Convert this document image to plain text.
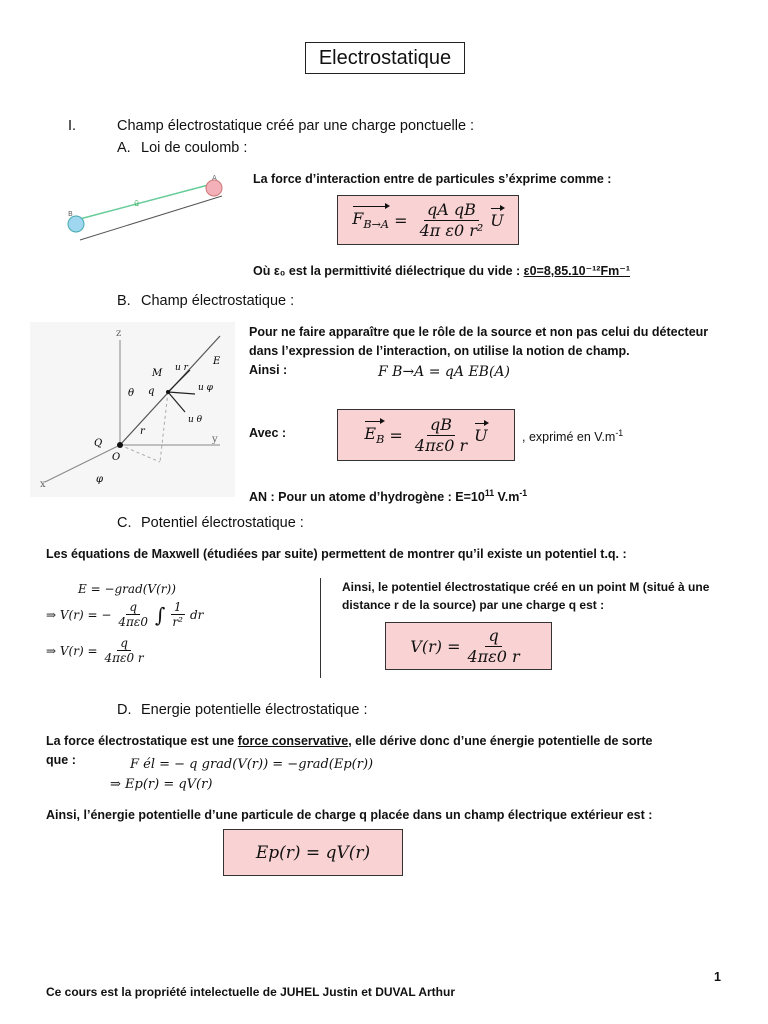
Electrostatique
I.	Champ électrostatique créé par une charge ponctuelle :
A. Loi de coulomb :
B
A
ū
La force d’interaction entre de particules s’éxprime comme :
$F_{B\to A} = \frac{\text{qA qB}}{\text{4π ε0 r²}}$ U
Où ε₀ est la permittivité diélectrique du vide : ε0=8,85.10⁻¹²Fm⁻¹
B. Champ électrostatique :
z
y
x
M
q
θ
r
Q
O
φ
E
u r
u φ
u θ
Pour ne faire apparaître que le rôle de la source et non pas celui du détecteur dans l’expression de l’interaction, on utilise la notion de champ.
Ainsi :	F B→A = qA EB(A)
Avec :	$E_B = \frac{qB}{4\pi\varepsilon 0 r}$ U	, exprimé en $V.m^{-1}$
AN : Pour un atome d’hydrogène : $E=10^{11}$ $V.m^{-1}$
C. Potentiel électrostatique :
Les équations de Maxwell (étudiées par suite) permettent de montrer qu’il existe un potentiel t.q. :
E = −grad(V(r))
⇒ V(r) = − $\frac{q}{4\pi\varepsilon 0}$ ∫ $\frac{1}{\text{r²}}$ dr
⇒ $V(r) = \frac{q}{4\pi\varepsilon 0 r}$
Ainsi, le potentiel électrostatique créé en un point M (situé à une distance r de la source) par une charge q est :
$V(r) = \frac{q}{4\pi\varepsilon 0 r}$
D. Energie potentielle électrostatique :
La force électrostatique est une force conservative, elle dérive donc d’une énergie potentielle de sorte
que :	F él = − q grad(V(r)) = −grad(Ep(r))
⇒ Ep(r) = qV(r)
Ainsi, l’énergie potentielle d’une particule de charge q placée dans un champ électrique extérieur est :
Ep(r) = qV(r)
1
Ce cours est la propriété intelectuelle de JUHEL Justin et DUVAL Arthur
